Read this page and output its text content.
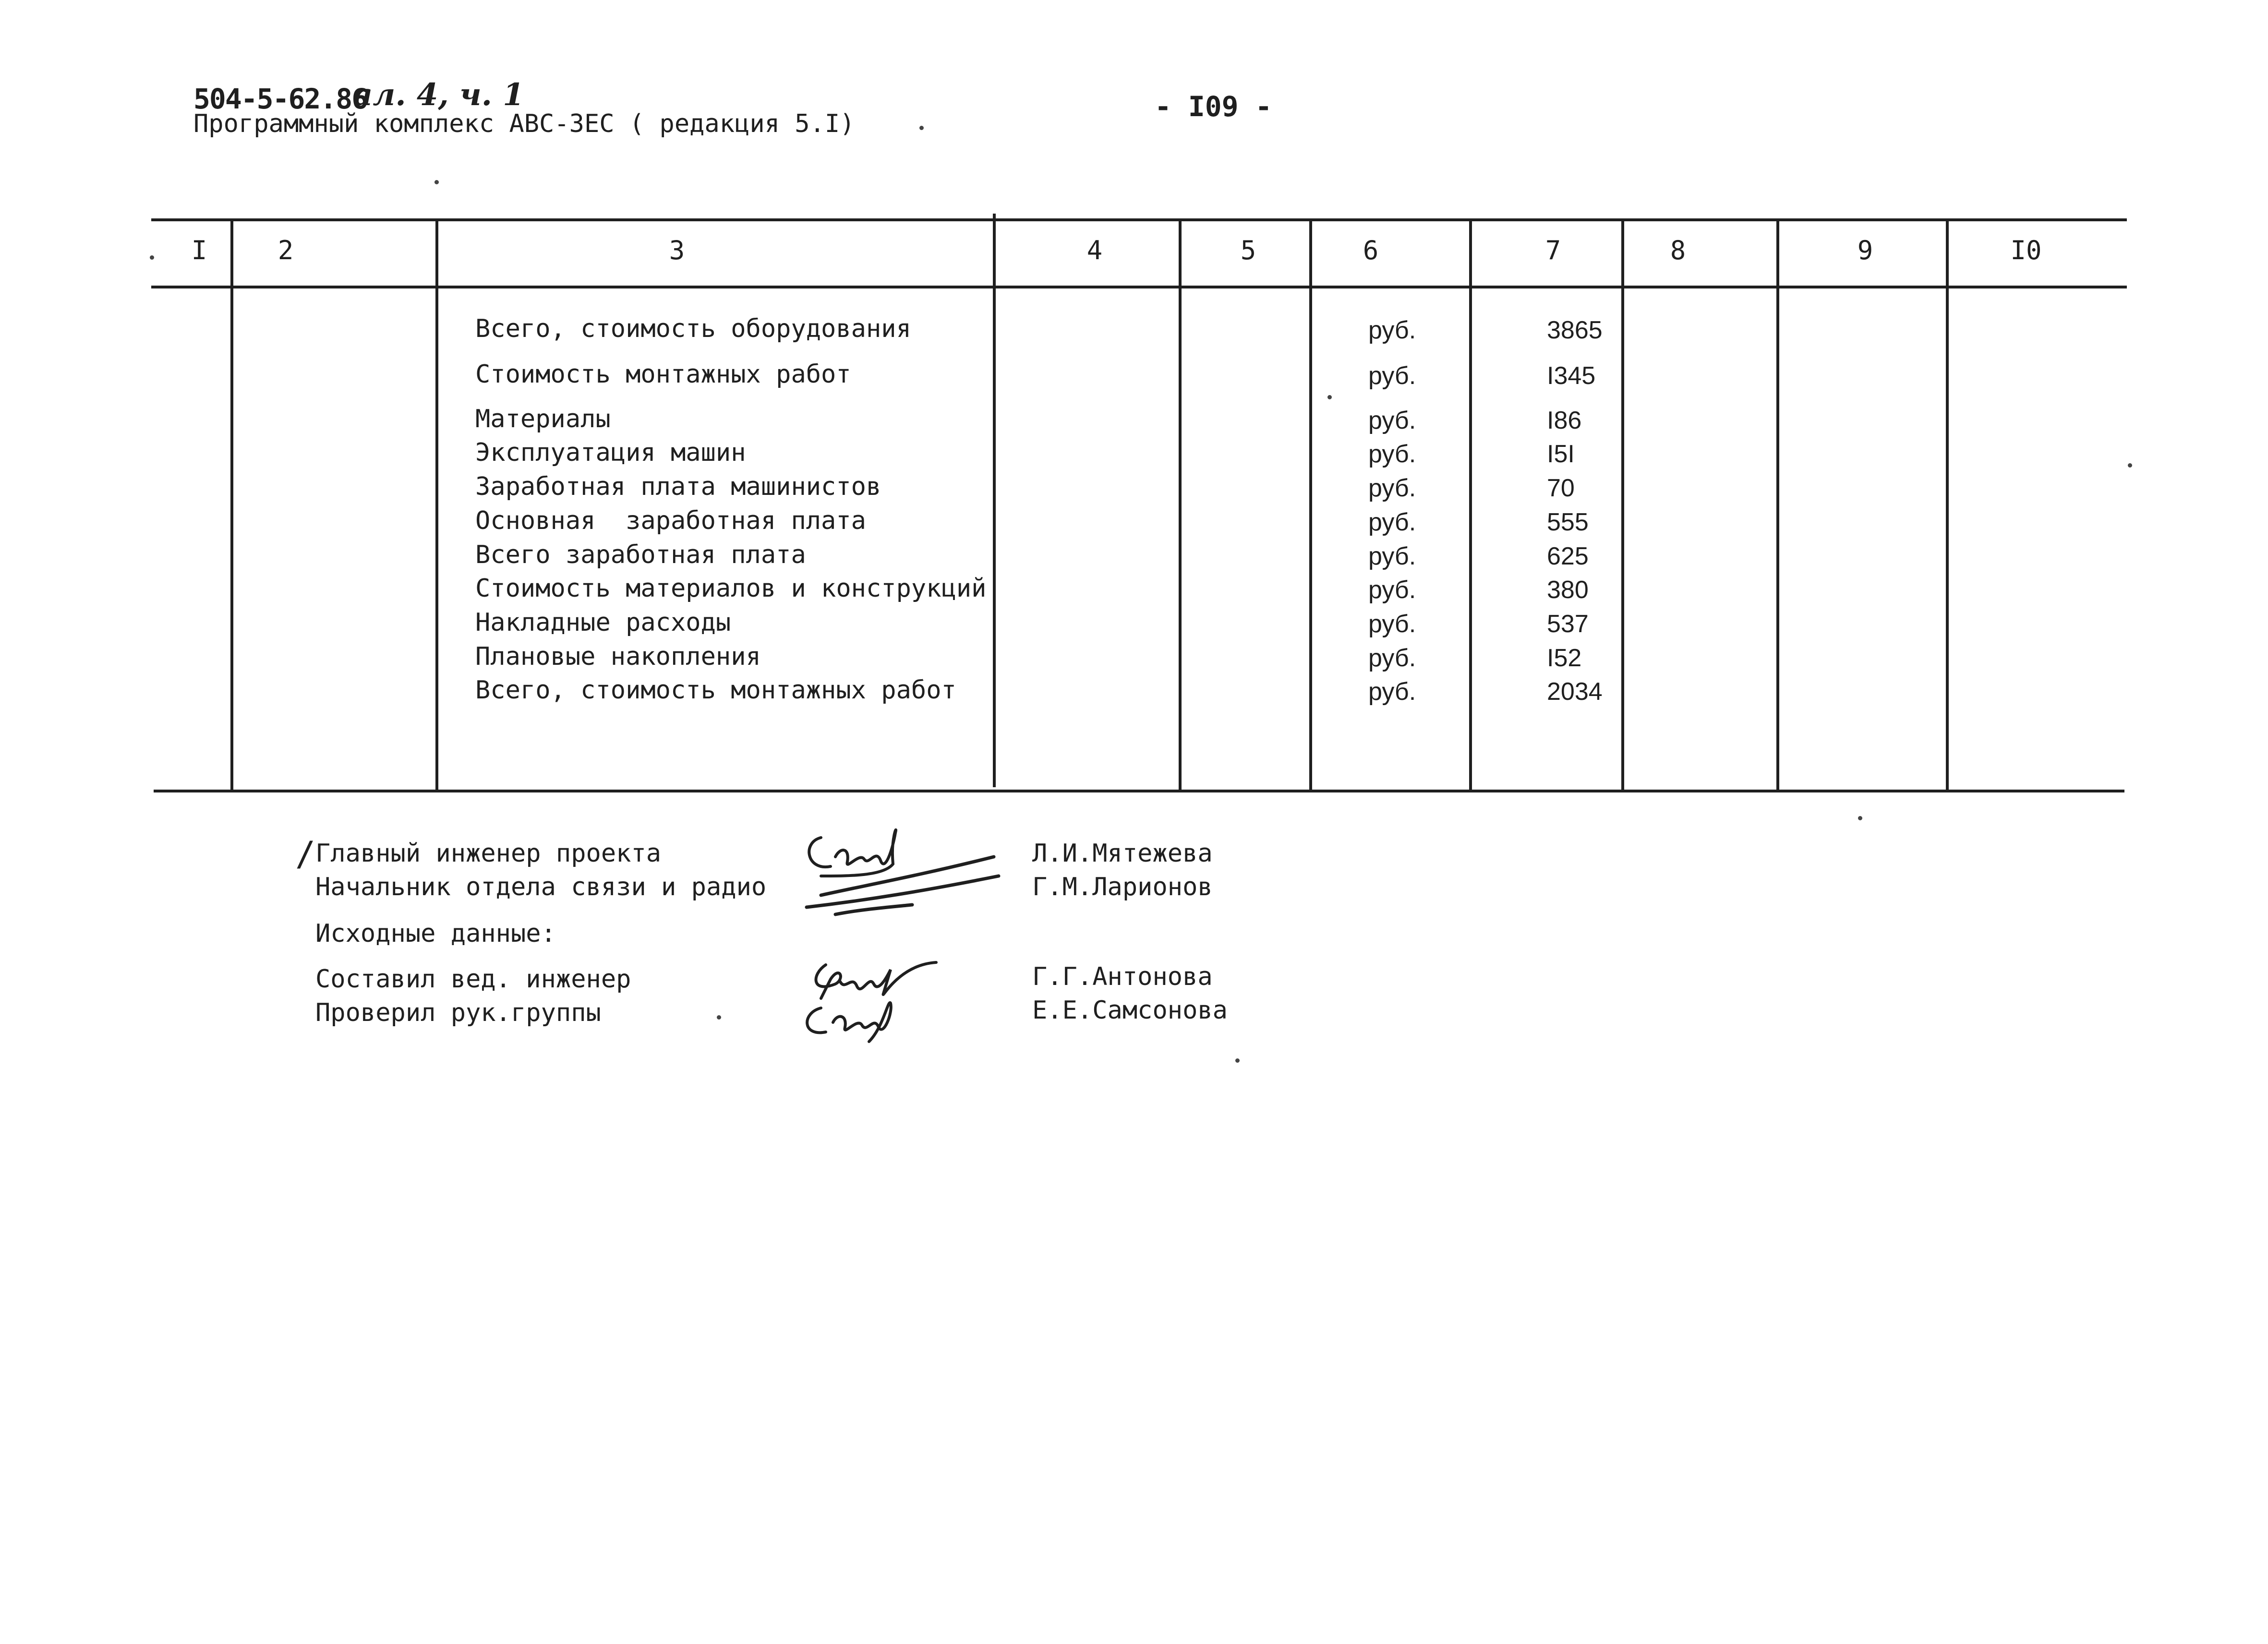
504-5-62.86
ал. 4, ч. 1
Программный комплекс АВС-ЗЕС ( редакция 5.I)
- I09 -
I	2	3	4	5	6	7	8	9	I0
Всего, стоимость оборудования	руб.	3865
Стоимость монтажных работ	руб.	I345
Материалы	руб.	I86
Эксплуатация машин	руб.	I5I
Заработная плата машинистов	руб.	70
Основная  заработная плата	руб.	555
Всего заработная плата	руб.	625
Стоимость материалов и конструкций	руб.	380
Накладные расходы	руб.	537
Плановые накопления	руб.	I52
Всего, стоимость монтажных работ	руб.	2034
/ Главный инженер проекта	Л.И.Мятежева
Начальник отдела связи и радио	Г.М.Ларионов
Исходные данные:
Составил вед. инженер	Г.Г.Антонова
Проверил рук.группы	Е.Е.Самсонова
